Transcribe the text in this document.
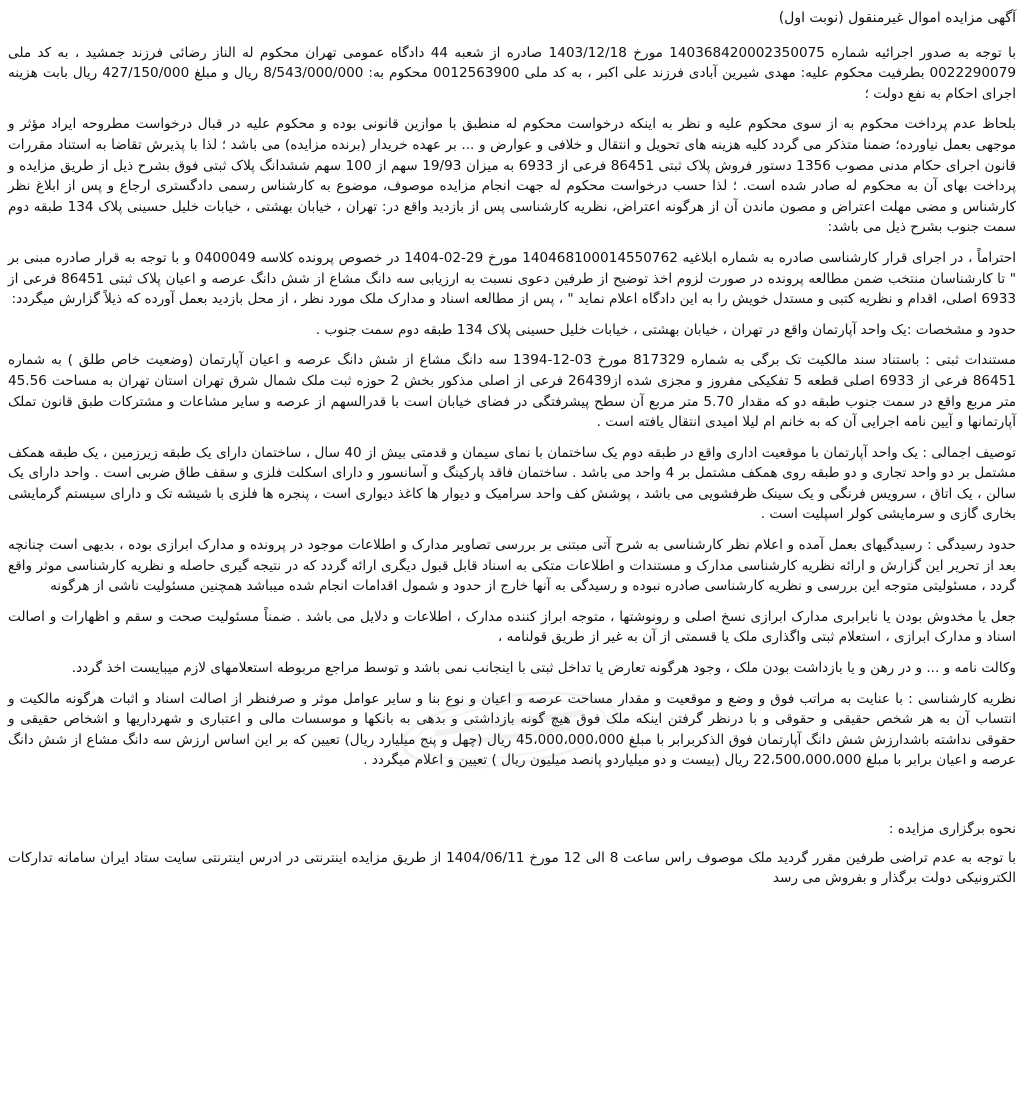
آگهی مزایده اموال غیرمنقول (نوبت اول)

با توجه به صدور اجرائیه شماره 140368420002350075 مورخ 1403/12/18 صادره از شعبه 44 دادگاه عمومی تهران محکوم له الناز رضائی فرزند جمشید ، به کد ملی 0022290079 بطرفیت محکوم علیه: مهدی شیرین آبادی فرزند علی اکبر ، به کد ملی 0012563900 محکوم به: 8/543/000/000 ریال و مبلغ 427/150/000 ریال بابت هزینه اجرای احکام به نفع دولت ؛

بلحاظ عدم پرداخت محکوم به از سوی محکوم علیه و نظر به اینکه درخواست محکوم له منطبق با موازین قانونی بوده و محکوم علیه در قبال درخواست مطروحه ایراد مؤثر و موجهی بعمل نیاورده؛ ضمنا متذکر می گردد کلیه هزینه های تحویل و انتقال و خلافی و عوارض و ... بر عهده خریدار (برنده مزایده) می باشد ؛ لذا با پذیرش تقاضا به استناد مقررات قانون اجرای حکام مدنی مصوب 1356 دستور فروش پلاک ثبتی 86451 فرعی از 6933 به میزان 19/93 سهم از 100 سهم ششدانگ پلاک ثبتی فوق بشرح ذیل از طریق مزایده و پرداخت بهای آن به محکوم له صادر شده است. ؛ لذا حسب درخواست محکوم له جهت انجام مزایده موصوف، موضوع به کارشناس رسمی دادگستری ارجاع و پس از ابلاغ نظر کارشناس و مضی مهلت اعتراض و مصون ماندن آن از هرگونه اعتراض، نظریه کارشناسی پس از بازدید واقع در: تهران ، خیابان بهشتی ، خیابات خلیل حسینی پلاک 134 طبقه دوم سمت جنوب بشرح ذیل می باشد:

احتراماً ، در اجرای قرار کارشناسی صادره به شماره ابلاغیه 140468100014550762 مورخ 29-02-1404 در خصوص پرونده کلاسه 0400049 و با توجه به قرار صادره مبنی بر " تا کارشناسان منتخب ضمن مطالعه پرونده در صورت لزوم اخذ توضیح از طرفین دعوی نسبت به ارزیابی سه دانگ مشاع از شش دانگ عرصه و اعیان پلاک ثبتی 86451 فرعی از 6933 اصلی، اقدام و نظریه کتبی و مستدل خویش را به این دادگاه اعلام نماید " ، پس از مطالعه اسناد و مدارک ملک مورد نظر ، از محل بازدید بعمل آورده که ذیلاً گزارش میگردد:

حدود و مشخصات :یک واحد آپارتمان واقع در تهران ، خیابان بهشتی ، خیابات خلیل حسینی پلاک 134 طبقه دوم سمت جنوب .

مستندات ثبتی : باستناد سند مالکیت تک برگی به شماره 817329 مورخ 03-12-1394 سه دانگ مشاع از شش دانگ عرصه و اعیان آپارتمان (وضعیت خاص طلق ) به شماره 86451 فرعی از 6933 اصلی قطعه 5 تفکیکی مفروز و مجزی شده از26439 فرعی از اصلی مذکور بخش 2 حوزه ثبت ملک شمال شرق تهران استان تهران به مساحت 45.56 متر مربع واقع در سمت جنوب طبقه دو که مقدار 5.70 متر مربع آن سطح پیشرفتگی در فضای خیابان است با قدرالسهم از عرصه و سایر مشاعات و مشترکات طبق قانون تملک آپارتمانها و آیین نامه اجرایی آن که به خانم ام لیلا امیدی انتقال یافته است .

توصیف اجمالی : یک واحد آپارتمان با موقعیت اداری واقع در طبقه دوم یک ساختمان با نمای سیمان و قدمتی بیش از 40 سال ، ساختمان دارای یک طبقه زیرزمین ، یک طبقه همکف مشتمل بر دو واحد تجاری و دو طبقه روی همکف مشتمل بر 4 واحد می باشد . ساختمان فاقد پارکینگ و آسانسور و دارای اسکلت فلزی و سقف طاق ضربی است . واحد دارای یک سالن ، یک اتاق ، سرویس فرنگی و یک سینک ظرفشویی می باشد ، پوشش کف واحد سرامیک و دیوار ها کاغذ دیواری است ، پنجره ها فلزی با شیشه تک و دارای سیستم گرمایشی بخاری گازی و سرمایشی کولر اسپلیت است .

حدود رسیدگی : رسیدگیهای بعمل آمده و اعلام نظر کارشناسی به شرح آتی مبتنی بر بررسی تصاویر مدارک و اطلاعات موجود در پرونده و مدارک ابرازی بوده ، بدیهی است چنانچه بعد از تحریر این گزارش و ارائه نظریه کارشناسی مدارک و مستندات و اطلاعات متکی به اسناد قابل قبول دیگری ارائه گردد که در نتیجه گیری حاصله و نظریه کارشناسی موثر واقع گردد ، مسئولیتی متوجه این بررسی و نظریه کارشناسی صادره نبوده و رسیدگی به آنها خارج از حدود و شمول اقدامات انجام شده میباشد همچنین مسئولیت ناشی از هرگونه

جعل یا مخدوش بودن یا نابرابری مدارک ابرازی نسخ اصلی و رونوشتها ، متوجه ابراز کننده مدارک ، اطلاعات و دلایل می باشد . ضمناً مسئولیت صحت و سقم و اظهارات و اصالت اسناد و مدارک ابرازی ، استعلام ثبتی واگذاری ملک یا قسمتی از آن به غیر از طریق قولنامه ،

وکالت نامه و ... و در رهن و یا بازداشت بودن ملک ، وجود هرگونه تعارض یا تداخل ثبتی با اینجانب نمی باشد و توسط مراجع مربوطه استعلامهای لازم میبایست اخذ گردد.

نظریه کارشناسی : با عنایت به مراتب فوق و وضع و موقعیت و مقدار مساحت عرصه و اعیان و نوع بنا و سایر عوامل موثر و صرفنظر از اصالت اسناد و اثبات هرگونه مالکیت و انتساب آن به هر شخص حقیقی و حقوقی و با درنظر گرفتن اینکه ملک فوق هیچ گونه بازداشتی و بدهی به بانکها و موسسات مالی و اعتباری و شهرداریها و اشخاص حقیقی و حقوقی نداشته باشدارزش شش دانگ آپارتمان فوق الذکربرابر با مبلغ 45،000،000،000 ریال (چهل و پنج میلیارد ریال) تعیین که بر این اساس ارزش سه دانگ مشاع از شش دانگ عرصه و اعیان برابر با مبلغ 22،500،000،000 ریال (بیست و دو میلیاردو پانصد میلیون ریال ) تعیین و اعلام میگردد .

نحوه برگزاری مزایده :

با توجه به عدم تراضی طرفین مقرر گردید ملک موصوف راس ساعت 8 الی 12 مورخ 1404/06/11 از طریق مزایده اینترنتی در ادرس اینترنتی سایت ستاد ایران سامانه تدارکات الکترونیکی دولت برگذار و بفروش می رسد
